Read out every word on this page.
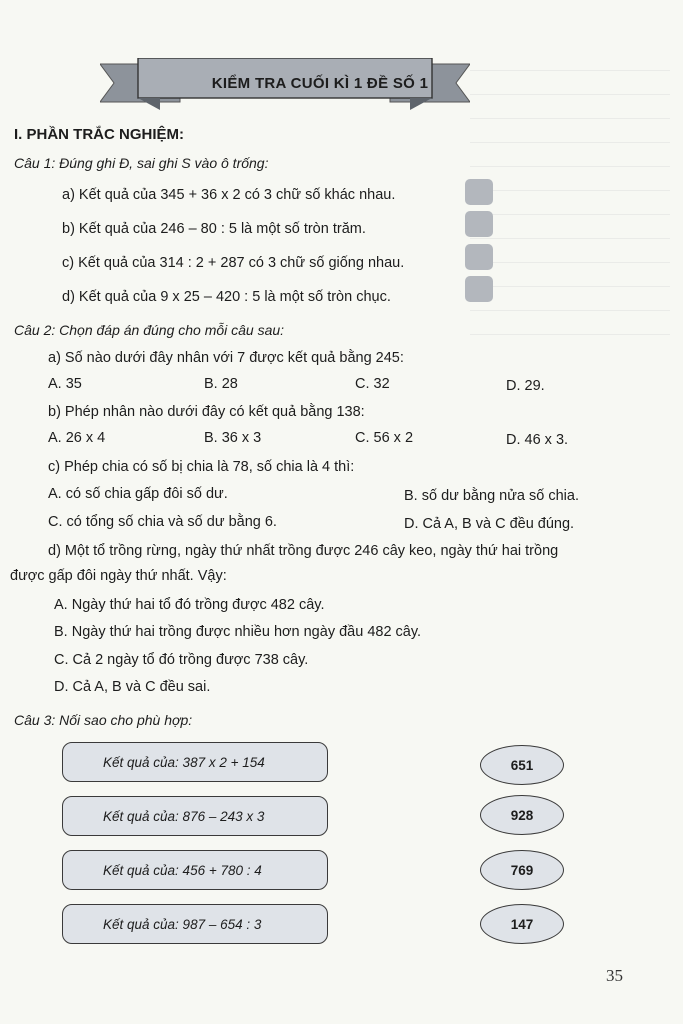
KIỂM TRA CUỐI KÌ 1 ĐỀ SỐ 1
I. PHẦN TRẮC NGHIỆM:
Câu 1: Đúng ghi Đ, sai ghi S vào ô trống:
a) Kết quả của 345 + 36 x 2 có 3 chữ số khác nhau.
b) Kết quả của 246 – 80 : 5 là một số tròn trăm.
c) Kết quả của 314 : 2 + 287 có 3 chữ số giống nhau.
d) Kết quả của 9 x 25 – 420 : 5 là một số tròn chục.
Câu 2: Chọn đáp án đúng cho mỗi câu sau:
a) Số nào dưới đây nhân với 7 được kết quả bằng 245:
A. 35	B. 28	C. 32	D. 29.
b) Phép nhân nào dưới đây có kết quả bằng 138:
A. 26 x 4	B. 36 x 3	C. 56 x 2	D. 46 x 3.
c) Phép chia có số bị chia là 78, số chia là 4 thì:
A. có số chia gấp đôi số dư.	B. số dư bằng nửa số chia.
C. có tổng số chia và số dư bằng 6.	D. Cả A, B và C đều đúng.
d) Một tổ trồng rừng, ngày thứ nhất trồng được 246 cây keo, ngày thứ hai trồng
được gấp đôi ngày thứ nhất. Vậy:
A. Ngày thứ hai tổ đó trồng được 482 cây.
B. Ngày thứ hai trồng được nhiều hơn ngày đầu 482 cây.
C. Cả 2 ngày tổ đó trồng được 738 cây.
D. Cả A, B và C đều sai.
Câu 3: Nối sao cho phù hợp:
Kết quả của: 387 x 2 + 154
Kết quả của: 876 – 243 x 3
Kết quả của: 456 + 780 : 4
Kết quả của: 987 – 654 : 3
651
928
769
147
35
